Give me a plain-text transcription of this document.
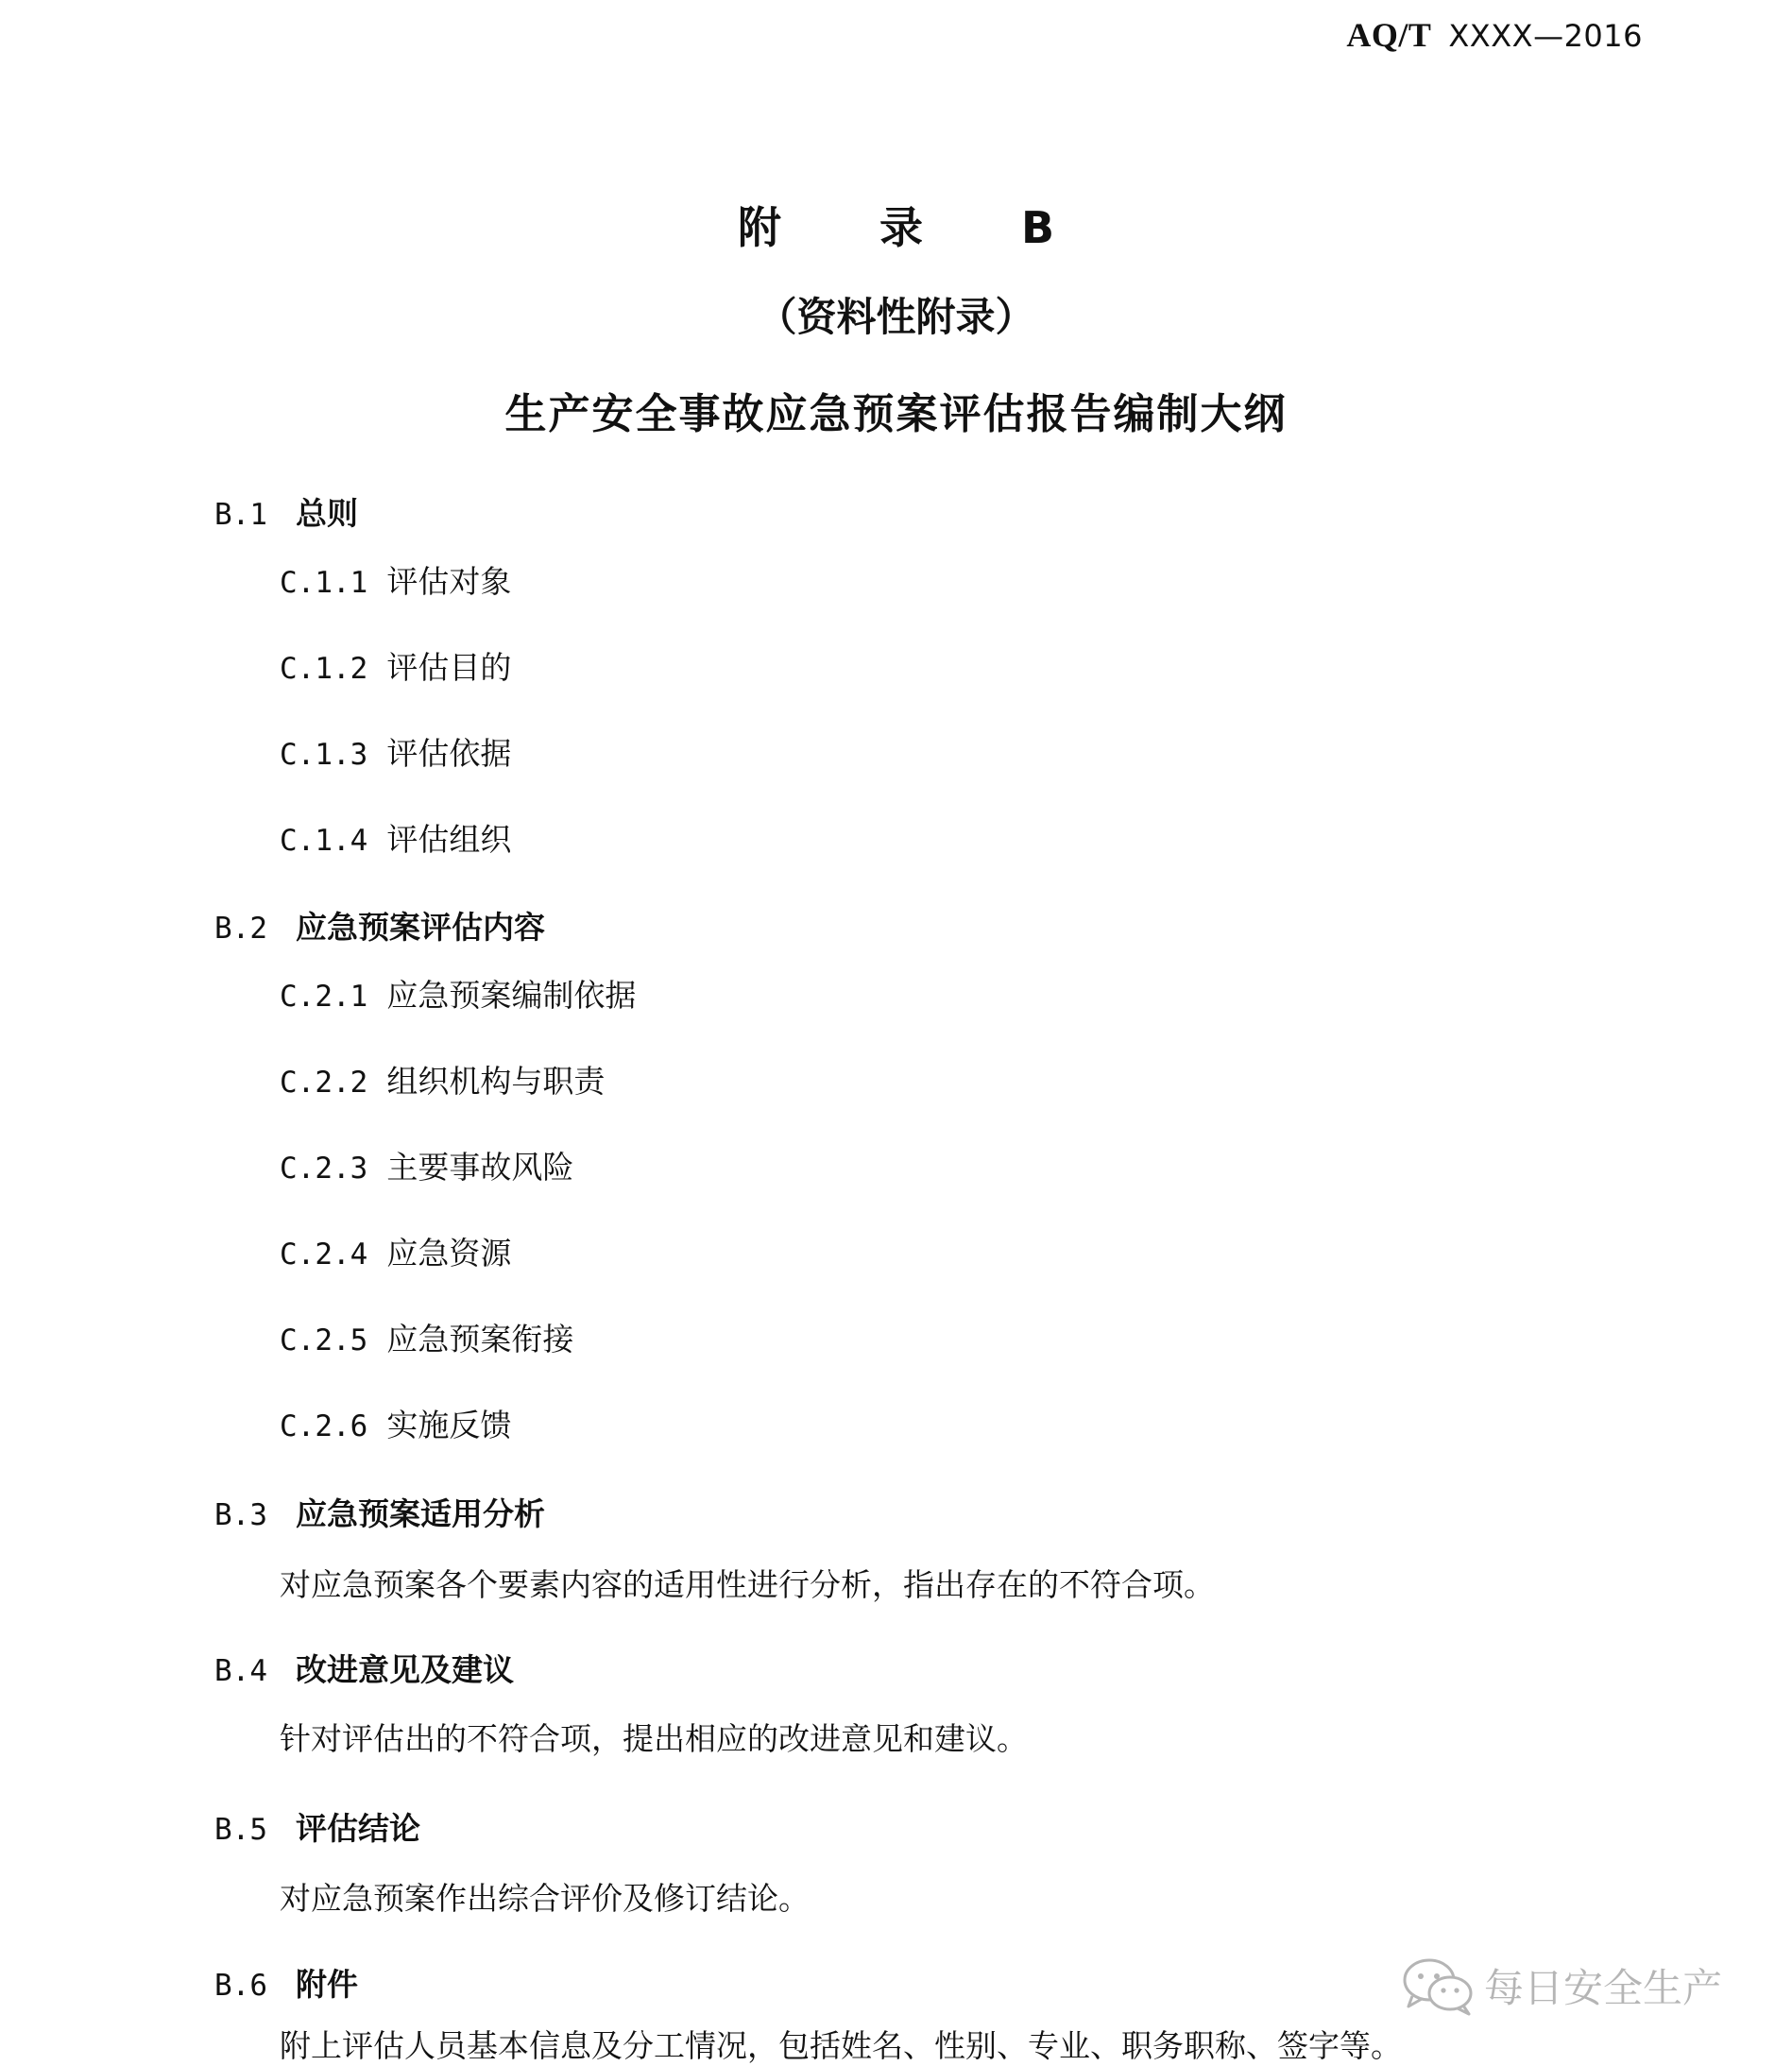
AQ/T XXXX—2016
附 录 B
（资料性附录）
生产安全事故应急预案评估报告编制大纲
B.1 总则
C.1.1 评估对象
C.1.2 评估目的
C.1.3 评估依据
C.1.4 评估组织
B.2 应急预案评估内容
C.2.1 应急预案编制依据
C.2.2 组织机构与职责
C.2.3 主要事故风险
C.2.4 应急资源
C.2.5 应急预案衔接
C.2.6 实施反馈
B.3 应急预案适用分析
对应急预案各个要素内容的适用性进行分析，指出存在的不符合项。
B.4 改进意见及建议
针对评估出的不符合项，提出相应的改进意见和建议。
B.5 评估结论
对应急预案作出综合评价及修订结论。
B.6 附件
附上评估人员基本信息及分工情况，包括姓名、性别、专业、职务职称、签字等。
每日安全生产
